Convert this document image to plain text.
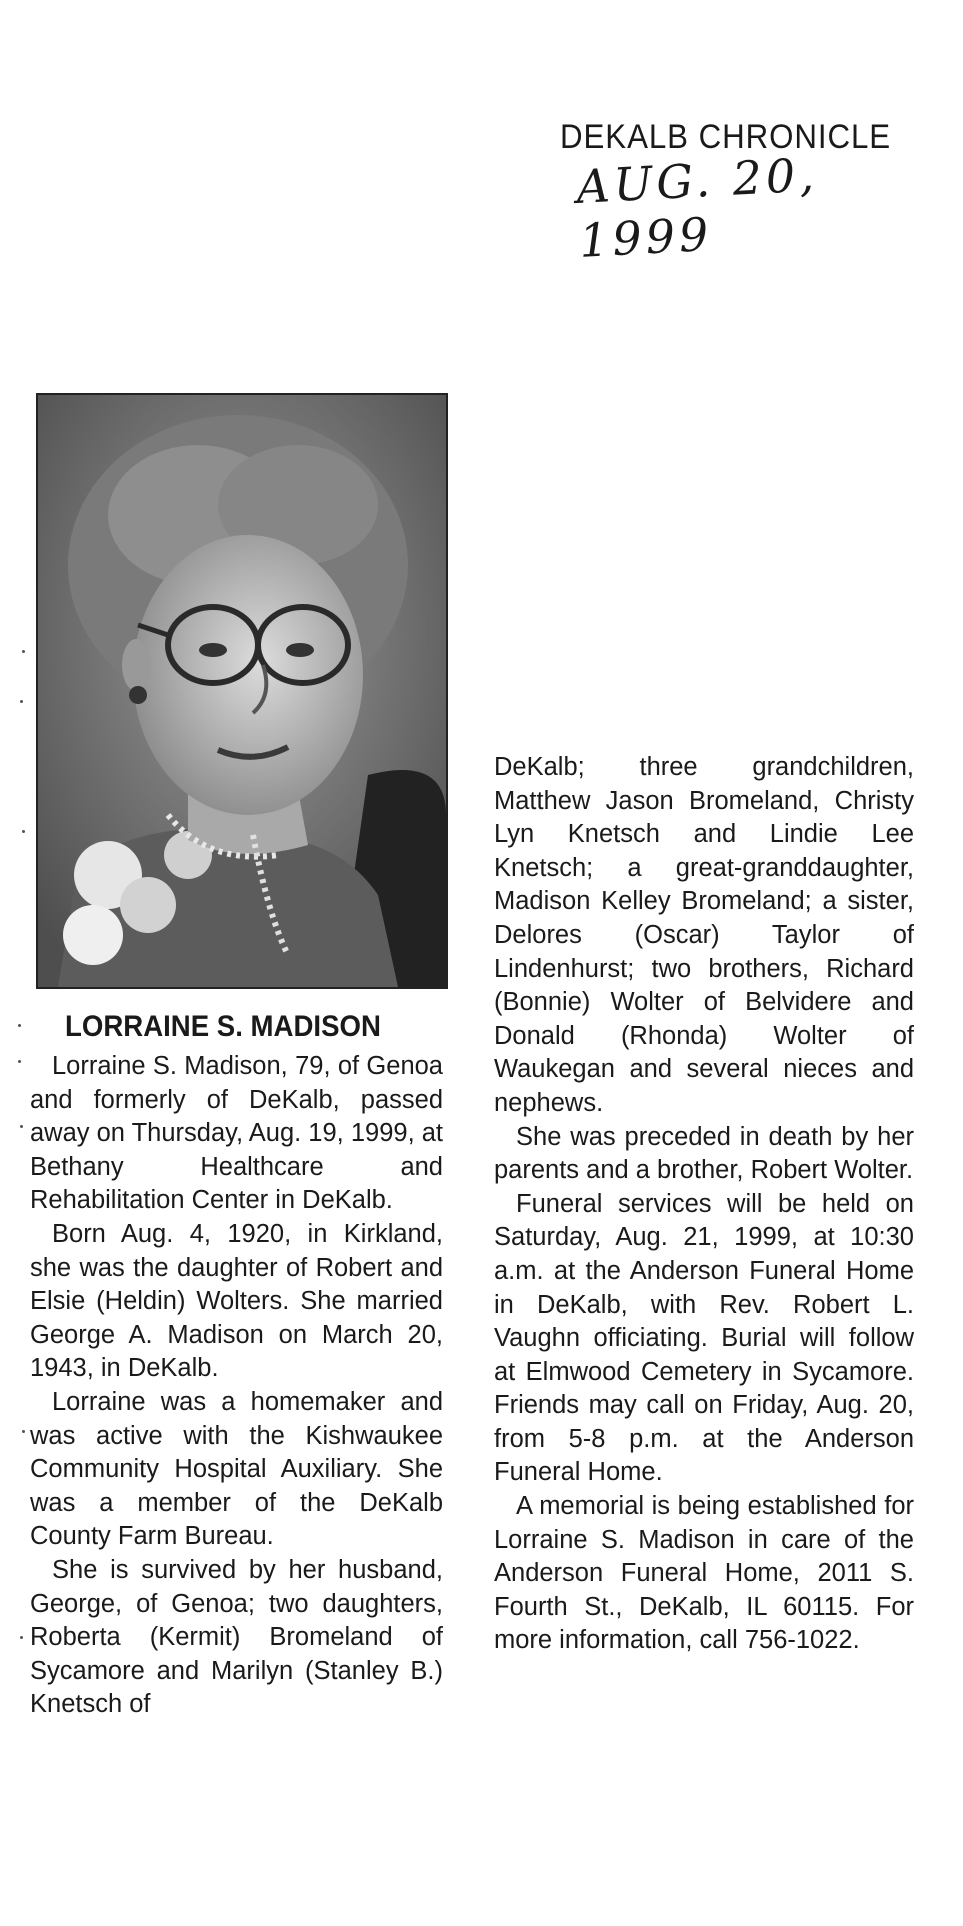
DEKALB CHRONICLE
AUG. 20, 1999
LORRAINE S. MADISON

Lorraine S. Madison, 79, of Genoa and formerly of DeKalb, passed away on Thursday, Aug. 19, 1999, at Bethany Healthcare and Rehabilitation Center in DeKalb.

Born Aug. 4, 1920, in Kirkland, she was the daughter of Robert and Elsie (Heldin) Wolters. She married George A. Madison on March 20, 1943, in DeKalb.

Lorraine was a homemaker and was active with the Kishwaukee Community Hospital Auxiliary. She was a member of the DeKalb County Farm Bureau.

She is survived by her husband, George, of Genoa; two daughters, Roberta (Kermit) Bromeland of Sycamore and Marilyn (Stanley B.) Knetsch of

DeKalb; three grandchildren, Matthew Jason Bromeland, Christy Lyn Knetsch and Lindie Lee Knetsch; a great-granddaughter, Madison Kelley Bromeland; a sister, Delores (Oscar) Taylor of Lindenhurst; two brothers, Richard (Bonnie) Wolter of Belvidere and Donald (Rhonda) Wolter of Waukegan and several nieces and nephews.

She was preceded in death by her parents and a brother, Robert Wolter.

Funeral services will be held on Saturday, Aug. 21, 1999, at 10:30 a.m. at the Anderson Funeral Home in DeKalb, with Rev. Robert L. Vaughn officiating. Burial will follow at Elmwood Cemetery in Sycamore. Friends may call on Friday, Aug. 20, from 5-8 p.m. at the Anderson Funeral Home.

A memorial is being established for Lorraine S. Madison in care of the Anderson Funeral Home, 2011 S. Fourth St., DeKalb, IL 60115. For more information, call 756-1022.
